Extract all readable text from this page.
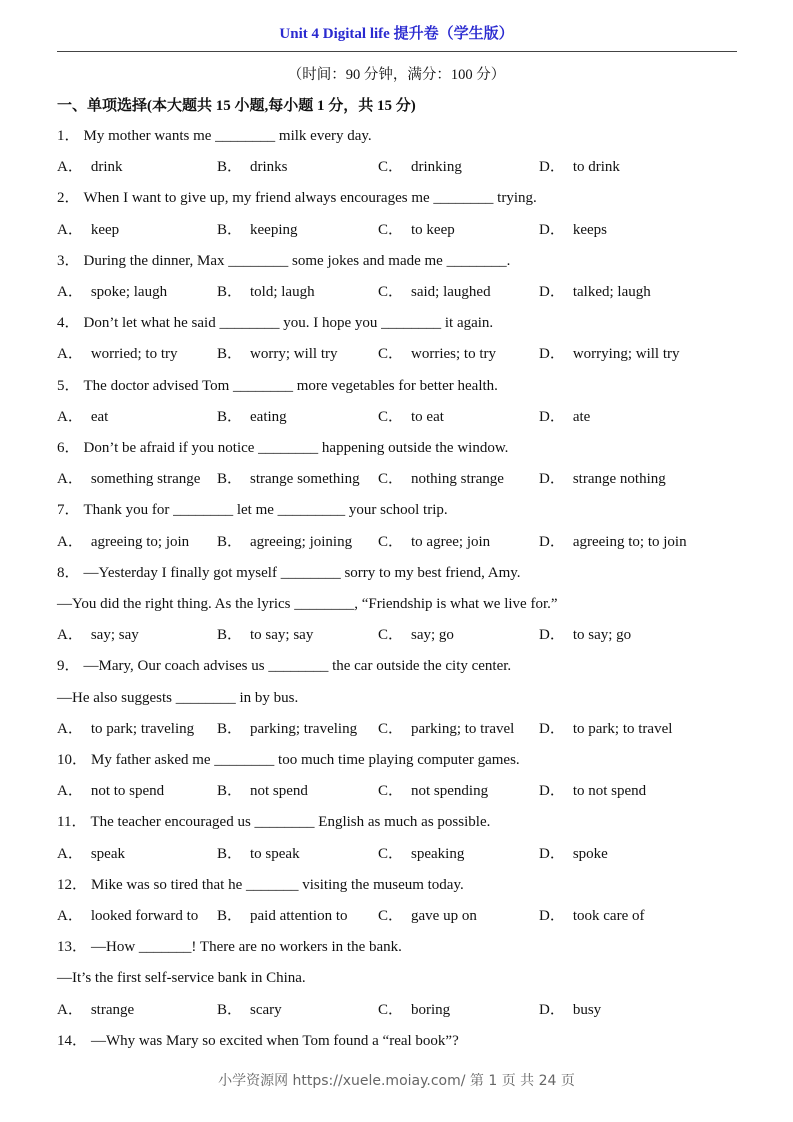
Unit 4 Digital life 提升卷（学生版）
（时间：90 分钟，满分：100 分）
一、单项选择(本大题共 15 小题,每小题 1 分，共 15 分)
1． My mother wants me ________ milk every day.
A． drink	B． drinks	C． drinking	D． to drink
2． When I want to give up, my friend always encourages me ________ trying.
A． keep	B． keeping	C． to keep	D． keeps
3． During the dinner, Max ________ some jokes and made me ________.
A． spoke; laugh	B． told; laugh	C． said; laughed	D． talked; laugh
4． Don’t let what he said ________ you. I hope you ________ it again.
A． worried; to try	B． worry; will try	C． worries; to try	D． worrying; will try
5． The doctor advised Tom ________ more vegetables for better health.
A． eat	B． eating	C． to eat	D． ate
6． Don’t be afraid if you notice ________ happening outside the window.
A． something strange B． strange something C． nothing strange D． strange nothing
7． Thank you for ________ let me _________ your school trip.
A． agreeing to; join B． agreeing; joining C． to agree; join	D． agreeing to; to join
8． —Yesterday I finally got myself ________ sorry to my best friend, Amy.
—You did the right thing. As the lyrics ________, “Friendship is what we live for.”
A． say; say	B． to say; say	C． say; go	D． to say; go
9． —Mary, Our coach advises us ________ the car outside the city center.
—He also suggests ________ in by bus.
A． to park; traveling B． parking; traveling C． parking; to travel D． to park; to travel
10． My father asked me ________ too much time playing computer games.
A． not to spend	B． not spend	C． not spending	D． to not spend
11． The teacher encouraged us ________ English as much as possible.
A． speak	B． to speak	C． speaking	D． spoke
12． Mike was so tired that he _______ visiting the museum today.
A． looked forward to B． paid attention to C． gave up on	D． took care of
13． —How _______! There are no workers in the bank.
—It’s the first self-service bank in China.
A． strange	B． scary	C． boring	D． busy
14． —Why was Mary so excited when Tom found a “real book”?
小学资源网 https://xuele.moiay.com/ 第 1 页 共 24 页
